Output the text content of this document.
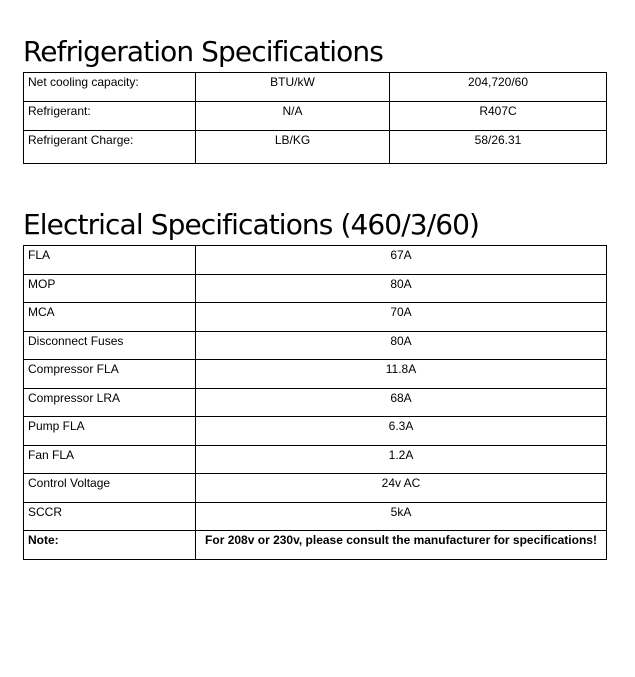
Refrigeration Specifications
Net cooling capacity:	BTU/kW	204,720/60
Refrigerant:	N/A	R407C
Refrigerant Charge:	LB/KG	58/26.31
Electrical Specifications (460/3/60)
FLA	67A
MOP	80A
MCA	70A
Disconnect Fuses	80A
Compressor FLA	11.8A
Compressor LRA	68A
Pump FLA	6.3A
Fan FLA	1.2A
Control Voltage	24v AC
SCCR	5kA
Note:	For 208v or 230v, please consult the manufacturer for specifications!
